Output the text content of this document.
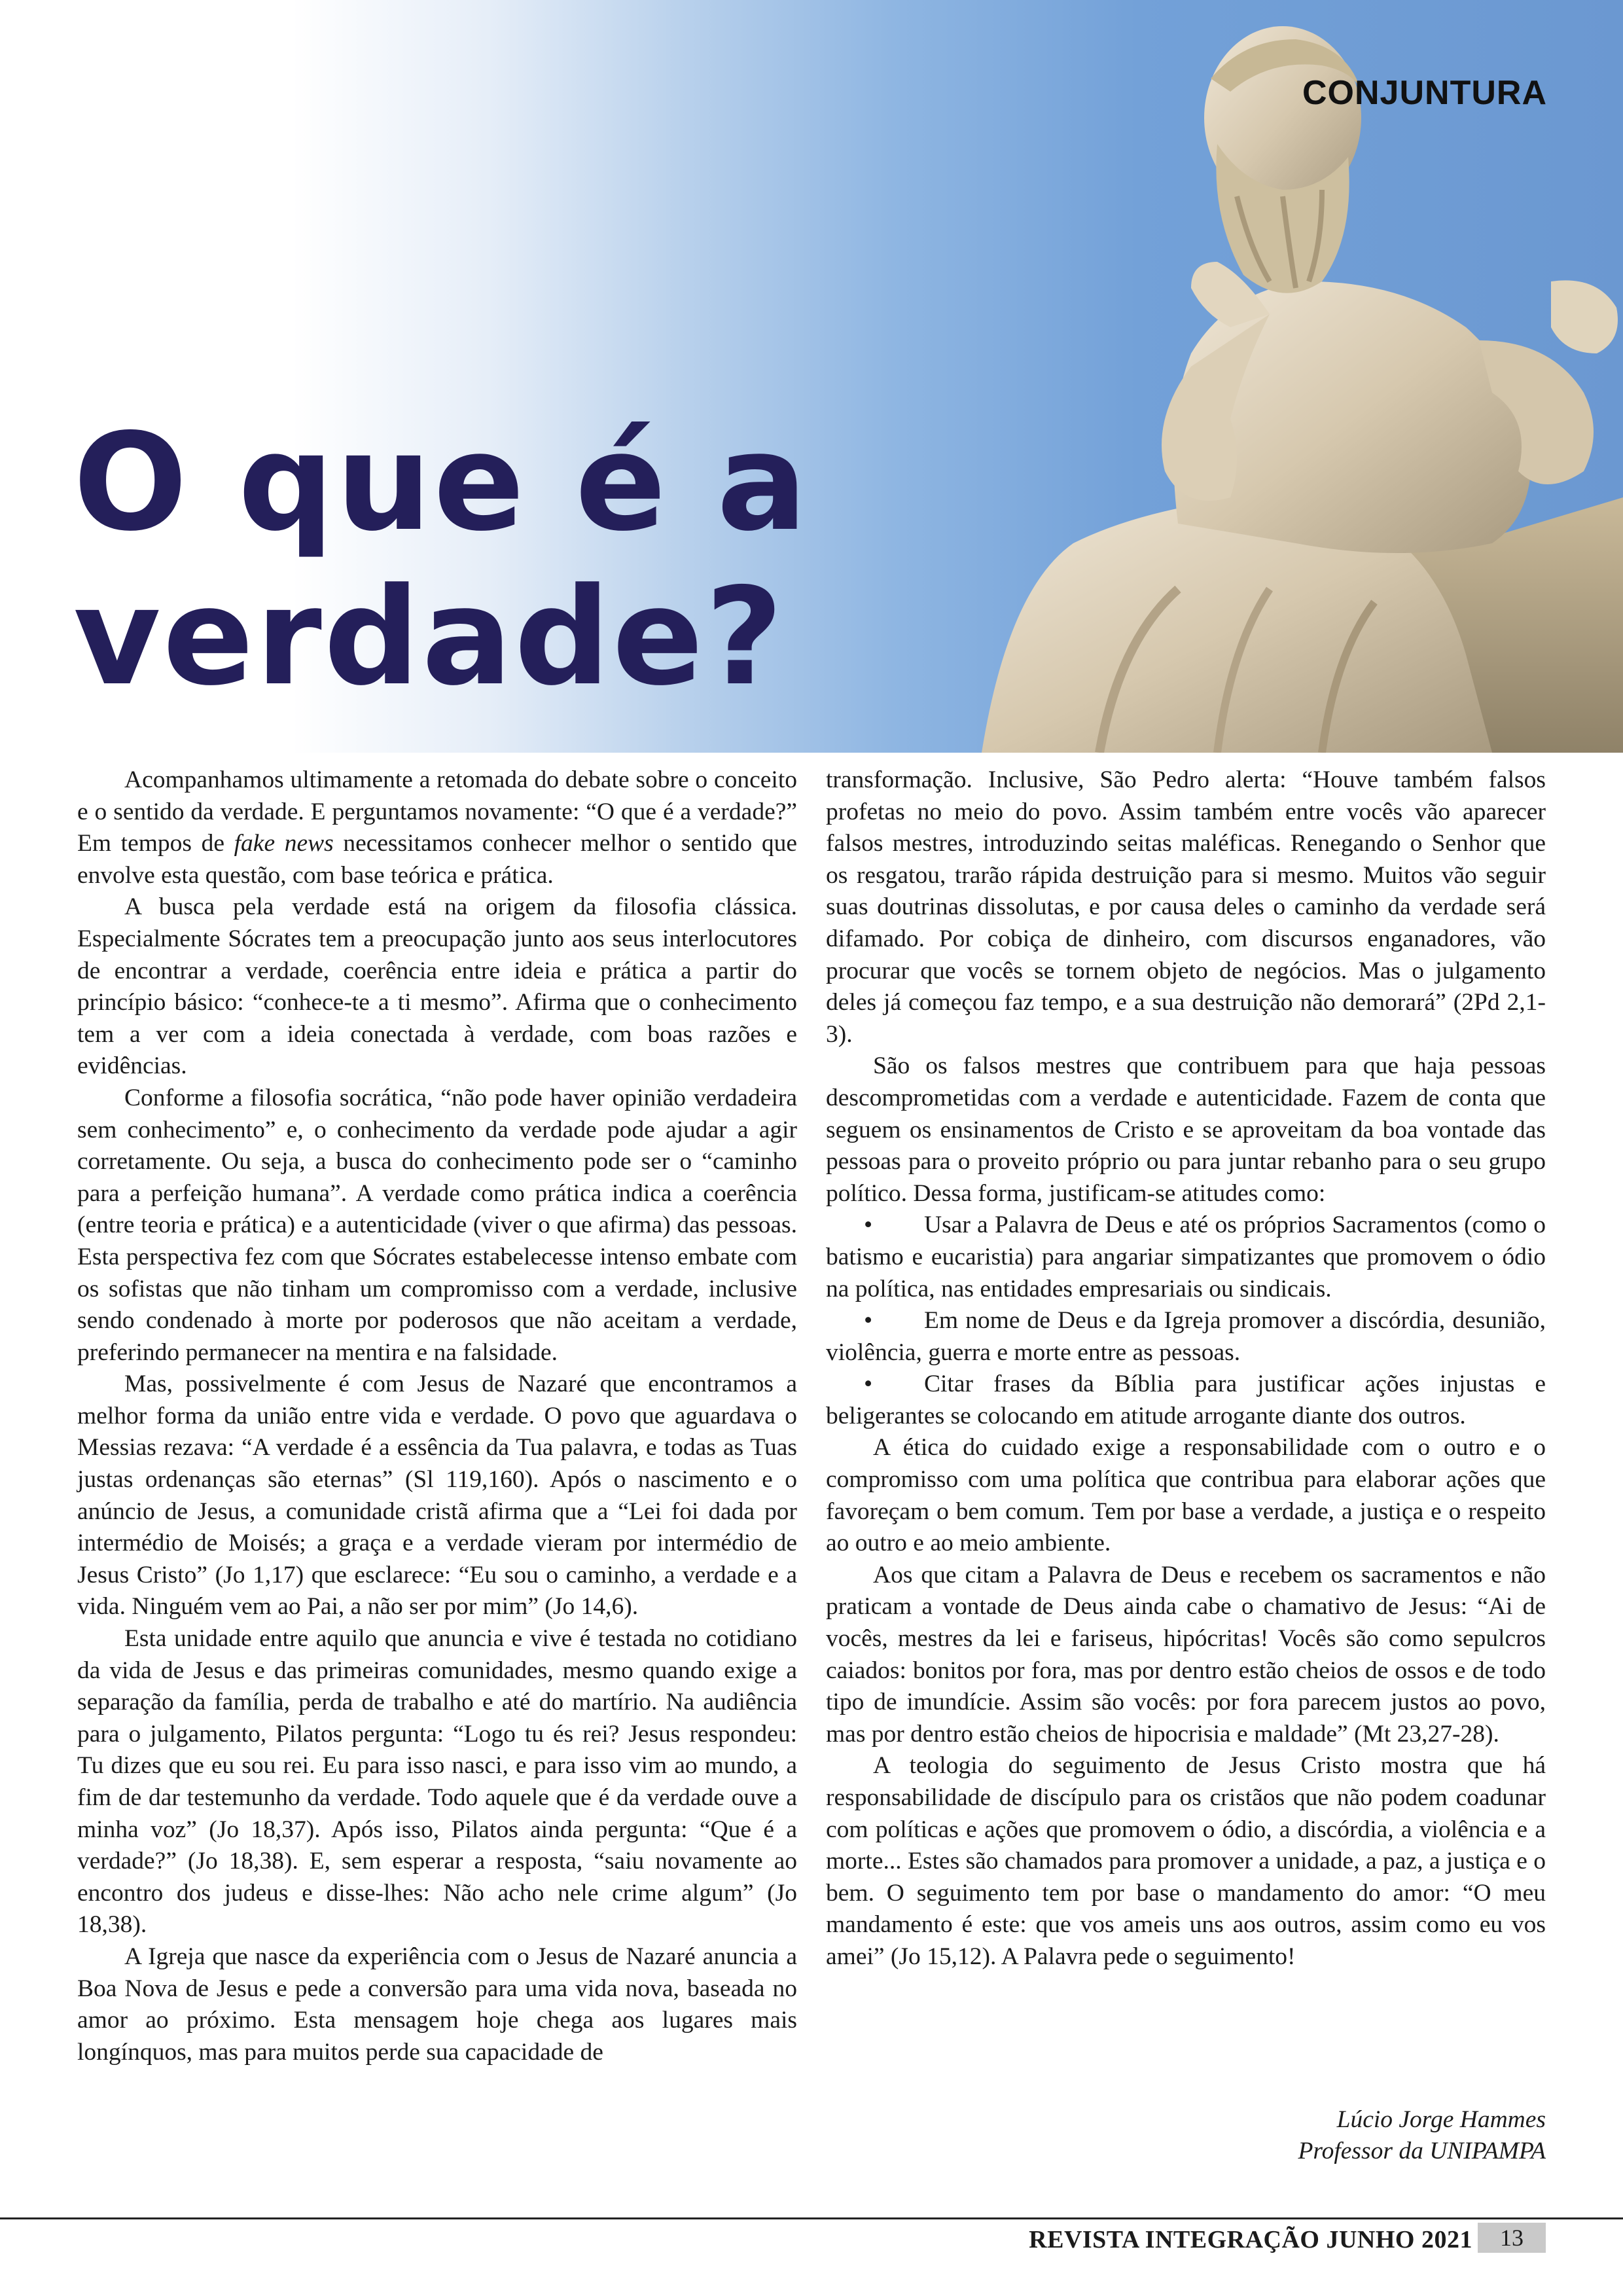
CONJUNTURA
O que é a
verdade?

Acompanhamos ultimamente a retomada do debate sobre o conceito e o sentido da verdade. E perguntamos novamente: “O que é a verdade?” Em tempos de fake news necessitamos conhecer melhor o sentido que envolve esta questão, com base teórica e prática.

A busca pela verdade está na origem da filosofia clássica. Especialmente Sócrates tem a preocupação junto aos seus interlocutores de encontrar a verdade, coerência entre ideia e prática a partir do princípio básico: “conhece-te a ti mesmo”. Afirma que o conhecimento tem a ver com a ideia conectada à verdade, com boas razões e evidências.

Conforme a filosofia socrática, “não pode haver opinião verdadeira sem conhecimento” e, o conhecimento da verdade pode ajudar a agir corretamente. Ou seja, a busca do conhecimento pode ser o “caminho para a perfeição humana”. A verdade como prática indica a coerência (entre teoria e prática) e a autenticidade (viver o que afirma) das pessoas. Esta perspectiva fez com que Sócrates estabelecesse intenso embate com os sofistas que não tinham um compromisso com a verdade, inclusive sendo condenado à morte por poderosos que não aceitam a verdade, preferindo permanecer na mentira e na falsidade.

Mas, possivelmente é com Jesus de Nazaré que encontramos a melhor forma da união entre vida e verdade. O povo que aguardava o Messias rezava: “A verdade é a essência da Tua palavra, e todas as Tuas justas ordenanças são eternas” (Sl 119,160). Após o nascimento e o anúncio de Jesus, a comunidade cristã afirma que a “Lei foi dada por intermédio de Moisés; a graça e a verdade vieram por intermédio de Jesus Cristo” (Jo 1,17) que esclarece: “Eu sou o caminho, a verdade e a vida. Ninguém vem ao Pai, a não ser por mim” (Jo 14,6).

Esta unidade entre aquilo que anuncia e vive é testada no cotidiano da vida de Jesus e das primeiras comunidades, mesmo quando exige a separação da família, perda de trabalho e até do martírio. Na audiência para o julgamento, Pilatos pergunta: “Logo tu és rei? Jesus respondeu: Tu dizes que eu sou rei. Eu para isso nasci, e para isso vim ao mundo, a fim de dar testemunho da verdade. Todo aquele que é da verdade ouve a minha voz” (Jo 18,37). Após isso, Pilatos ainda pergunta: “Que é a verdade?” (Jo 18,38). E, sem esperar a resposta, “saiu novamente ao encontro dos judeus e disse-lhes: Não acho nele crime algum” (Jo 18,38).

A Igreja que nasce da experiência com o Jesus de Nazaré anuncia a Boa Nova de Jesus e pede a conversão para uma vida nova, baseada no amor ao próximo. Esta mensagem hoje chega aos lugares mais longínquos, mas para muitos perde sua capacidade de

transformação. Inclusive, São Pedro alerta: “Houve também falsos profetas no meio do povo. Assim também entre vocês vão aparecer falsos mestres, introduzindo seitas maléficas. Renegando o Senhor que os resgatou, trarão rápida destruição para si mesmo. Muitos vão seguir suas doutrinas dissolutas, e por causa deles o caminho da verdade será difamado. Por cobiça de dinheiro, com discursos enganadores, vão procurar que vocês se tornem objeto de negócios. Mas o julgamento deles já começou faz tempo, e a sua destruição não demorará” (2Pd 2,1-3).

São os falsos mestres que contribuem para que haja pessoas descomprometidas com a verdade e autenticidade. Fazem de conta que seguem os ensinamentos de Cristo e se aproveitam da boa vontade das pessoas para o proveito próprio ou para juntar rebanho para o seu grupo político. Dessa forma, justificam-se atitudes como:

• Usar a Palavra de Deus e até os próprios Sacramentos (como o batismo e eucaristia) para angariar simpatizantes que promovem o ódio na política, nas entidades empresariais ou sindicais.

• Em nome de Deus e da Igreja promover a discórdia, desunião, violência, guerra e morte entre as pessoas.

• Citar frases da Bíblia para justificar ações injustas e beligerantes se colocando em atitude arrogante diante dos outros.

A ética do cuidado exige a responsabilidade com o outro e o compromisso com uma política que contribua para elaborar ações que favoreçam o bem comum. Tem por base a verdade, a justiça e o respeito ao outro e ao meio ambiente.

Aos que citam a Palavra de Deus e recebem os sacramentos e não praticam a vontade de Deus ainda cabe o chamativo de Jesus: “Ai de vocês, mestres da lei e fariseus, hipócritas! Vocês são como sepulcros caiados: bonitos por fora, mas por dentro estão cheios de ossos e de todo tipo de imundície. Assim são vocês: por fora parecem justos ao povo, mas por dentro estão cheios de hipocrisia e maldade” (Mt 23,27-28).

A teologia do seguimento de Jesus Cristo mostra que há responsabilidade de discípulo para os cristãos que não podem coadunar com políticas e ações que promovem o ódio, a discórdia, a violência e a morte... Estes são chamados para promover a unidade, a paz, a justiça e o bem. O seguimento tem por base o mandamento do amor: “O meu mandamento é este: que vos ameis uns aos outros, assim como eu vos amei” (Jo 15,12). A Palavra pede o seguimento!

Lúcio Jorge Hammes
Professor da UNIPAMPA
REVISTA INTEGRAÇÃO JUNHO 2021	13
